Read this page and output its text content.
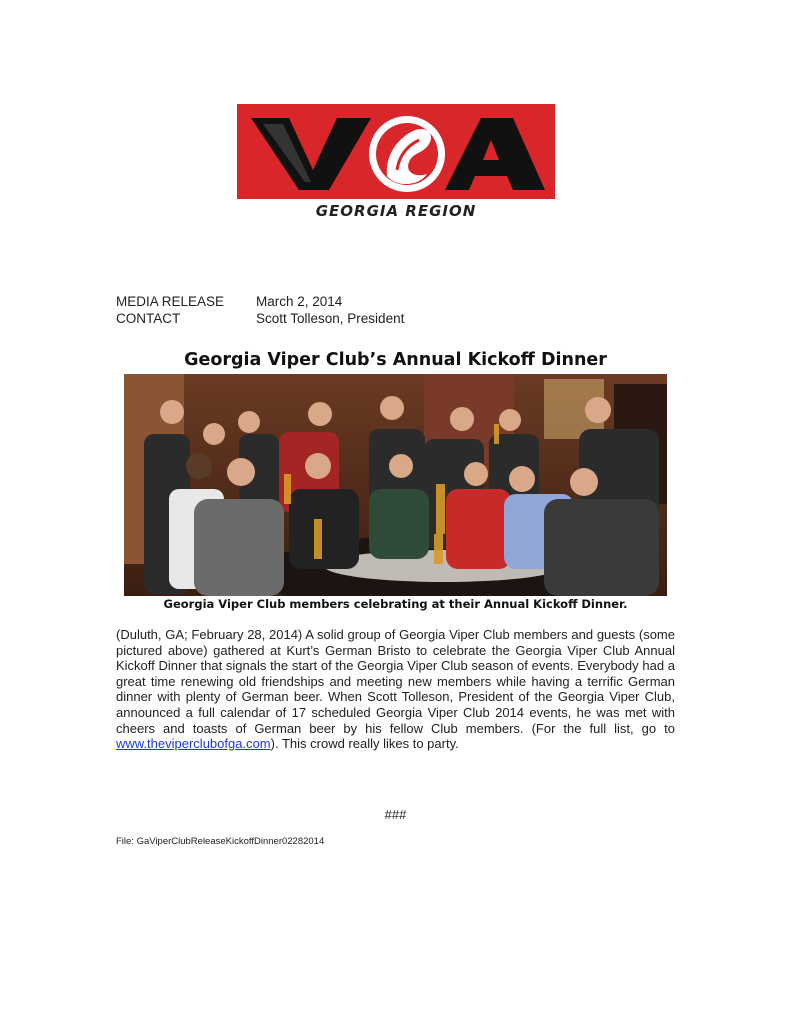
GEORGIA REGION
MEDIA RELEASE March 2, 2014
CONTACT	Scott Tolleson, President
Georgia Viper Club’s Annual Kickoff Dinner
Georgia Viper Club members celebrating at their Annual Kickoff Dinner.
(Duluth, GA; February 28, 2014) A solid group of Georgia Viper Club members and guests (some pictured above) gathered at Kurt’s German Bristo to celebrate the Georgia Viper Club Annual Kickoff Dinner that signals the start of the Georgia Viper Club season of events. Everybody had a great time renewing old friendships and meeting new members while having a terrific German dinner with plenty of German beer. When Scott Tolleson, President of the Georgia Viper Club, announced a full calendar of 17 scheduled Georgia Viper Club 2014 events, he was met with cheers and toasts of German beer by his fellow Club members. (For the full list, go to www.theviperclubofga.com). This crowd really likes to party.
###
File: GaViperClubReleaseKickoffDinner02282014
